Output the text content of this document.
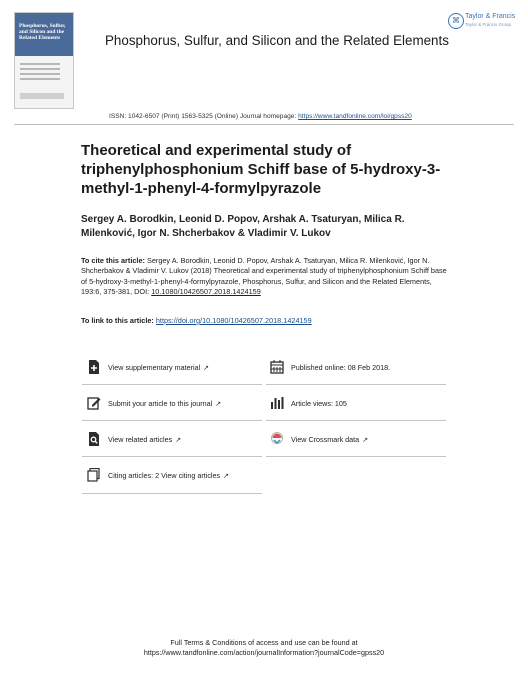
Phosphorus, Sulfur, and Silicon and the Related Elements	Phosphorus, Sulfur, and Silicon and the Related Elements
⌘ Taylor & Francis
Taylor & Francis Group
ISSN: 1042-6507 (Print) 1563-5325 (Online) Journal homepage: https://www.tandfonline.com/loi/gpss20
Theoretical and experimental study of triphenylphosphonium Schiff base of 5-hydroxy-3-methyl-1-phenyl-4-formylpyrazole
Sergey A. Borodkin, Leonid D. Popov, Arshak A. Tsaturyan, Milica R. Milenković, Igor N. Shcherbakov & Vladimir V. Lukov
To cite this article: Sergey A. Borodkin, Leonid D. Popov, Arshak A. Tsaturyan, Milica R. Milenković, Igor N. Shcherbakov & Vladimir V. Lukov (2018) Theoretical and experimental study of triphenylphosphonium Schiff base of 5-hydroxy-3-methyl-1-phenyl-4-formylpyrazole, Phosphorus, Sulfur, and Silicon and the Related Elements, 193:6, 375-381, DOI: 10.1080/10426507.2018.1424159
To link to this article: https://doi.org/10.1080/10426507.2018.1424159
View supplementary material ↗
Submit your article to this journal ↗
View related articles ↗
Citing articles: 2 View citing articles ↗
Published online: 08 Feb 2018.
Article views: 105
View Crossmark data ↗
Full Terms & Conditions of access and use can be found at
https://www.tandfonline.com/action/journalInformation?journalCode=gpss20
